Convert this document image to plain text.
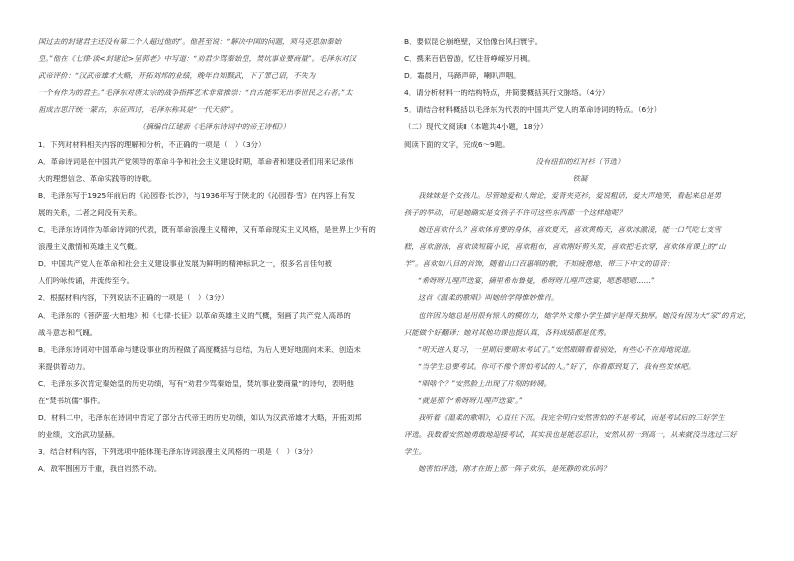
国过去的封建君主还没有第二个人超过他的”。他甚至说：“解决中国的问题，须马克思加秦始
皇。”他在《七律·读<封建论>呈郭老》中写道：“劝君少骂秦始皇，焚坑事业要商量”。毛泽东对汉
武帝评价：“汉武帝雄才大略，开拓刘邦的业绩，晚年自知黩武，下了罪己诏，不失为
一个有作为的君主。”毛泽东对唐太宗的战争指挥艺术非常推崇：“自古能军无出李世民之右者。”太
祖成吉思汗统一蒙古，东征西讨，毛泽东称其是“一代天骄”。
（摘编自江建新《毛泽东诗词中的帝王诗相》）
1．下列对材料相关内容的理解和分析，不正确的一项是（　）（3分）
A．革命诗词是在中国共产党领导的革命斗争和社会主义建设时期，革命者和建设者们用来记录伟
大的理想信念、革命实践等的诗歌。
B．毛泽东写于1925年前后的《沁园春·长沙》，与1936年写于陕北的《沁园春·雪》在内容上有发
展的关系，二者之间没有关系。
C．毛泽东诗词作为革命诗词的代表，既有革命浪漫主义精神，又有革命现实主义风格，是世界上少有的
浪漫主义激情和英雄主义气概。
D．中国共产党人在革命和社会主义建设事业发展为鲜明的精神标识之一，很多名言佳句被
人们吟咏传诵，并流传至今。
2．根据材料内容，下列说法不正确的一项是（　）（3分）
A．毛泽东的《菩萨蛮·大柏地》和《七律·长征》以革命英雄主义的气概，刻画了共产党人高昂的
战斗意志和气魄。
B．毛泽东诗词对中国革命与建设事业的历程做了高度概括与总结，为后人更好地面向未来、创造未
来提供着动力。
C．毛泽东多次肯定秦始皇的历史功绩，写有“劝君少骂秦始皇，焚坑事业要商量”的诗句，表明他
在“焚书坑儒”事件。
D．材料二中，毛泽东在诗词中肯定了部分古代帝王的历史功绩，如认为汉武帝雄才大略，开拓刘邦
的业绩，文治武功显赫。
3．结合材料内容，下列选项中能体现毛泽东诗词浪漫主义风格的一项是（　）（3分）
A．敌军围困万千重，我自岿然不动。
B．要似昆仑崩绝壁，又恰像台风扫寰宇。
C．携来百侣曾游，忆往昔峥嵘岁月稠。
D．霜晨月，马蹄声碎，喇叭声咽。
4．请分析材料一的结构特点，并简要概括其行文脉络。（4分）
5．请结合材料概括以毛泽东为代表的中国共产党人的革命诗词的特点。（6分）
（二）现代文阅读Ⅱ（本题共4小题，18分）
阅读下面的文字，完成6～9题。
没有纽扣的红衬衫（节选）
铁凝
我妹妹是个女孩儿。尽管她爱和人辩论，爱背夹克衫，爱说粗话，爱大声地笑，看起来总是男
孩子的举动，可是她确实是女孩子不许可这些东西都一个这样地呢？
她还喜欢什么？喜欢体育要的身体，喜欢夏天，喜欢黄梅天，喜欢冰激凌，能一口气吃七支雪
糕，喜欢游泳，喜欢读短篇小说，喜欢粗布，喜欢刚好剪头发，喜欢把毛衣穿，喜欢体育课上的“山
羊”。喜欢如八目的首饰，随着山口百惠唱的歌，不知疲倦地、带三下中文的语音：
“希呀呀儿哩声迭宴，摘里希布鲁曼，希呀呀儿哩声迭宴，嗯悉嗯嗯……”
这首《温柔的歌唱》叫她给学得惟妙惟肖。
也许因为她总是用很有惊人的模仿力，她学外文像小学生描字是得天独厚。她没有因为大“家”的肯定，
只能做个好翻译；她对其他功课也挺认真，各科成绩都是优秀。
“明天进入复习，一星期后要期末考试了。”安然眼睛看着别处，有些心不在焉地说道。
“当学生总要考试。你可不像个害怕考试的人。”好了，你看都到复了，我有些发怵吧。
“唱啥个？”安然脸上出现了片刻的转暖。
“就是那个‘希呀呀儿哩声迭宴’。”
我听着《温柔的歌唱》，心直往下沉。我完全明白安然害怕的不是考试，而是考试后的三好学生
评选。我数着安然她勇敢地迎接考试，其实我也是能忍忍让，安然从初一到高一，从来就没当选过三好
学生。
她害怕评选，刚才在街上那一阵子欢乐，是死静的欢乐吗？
